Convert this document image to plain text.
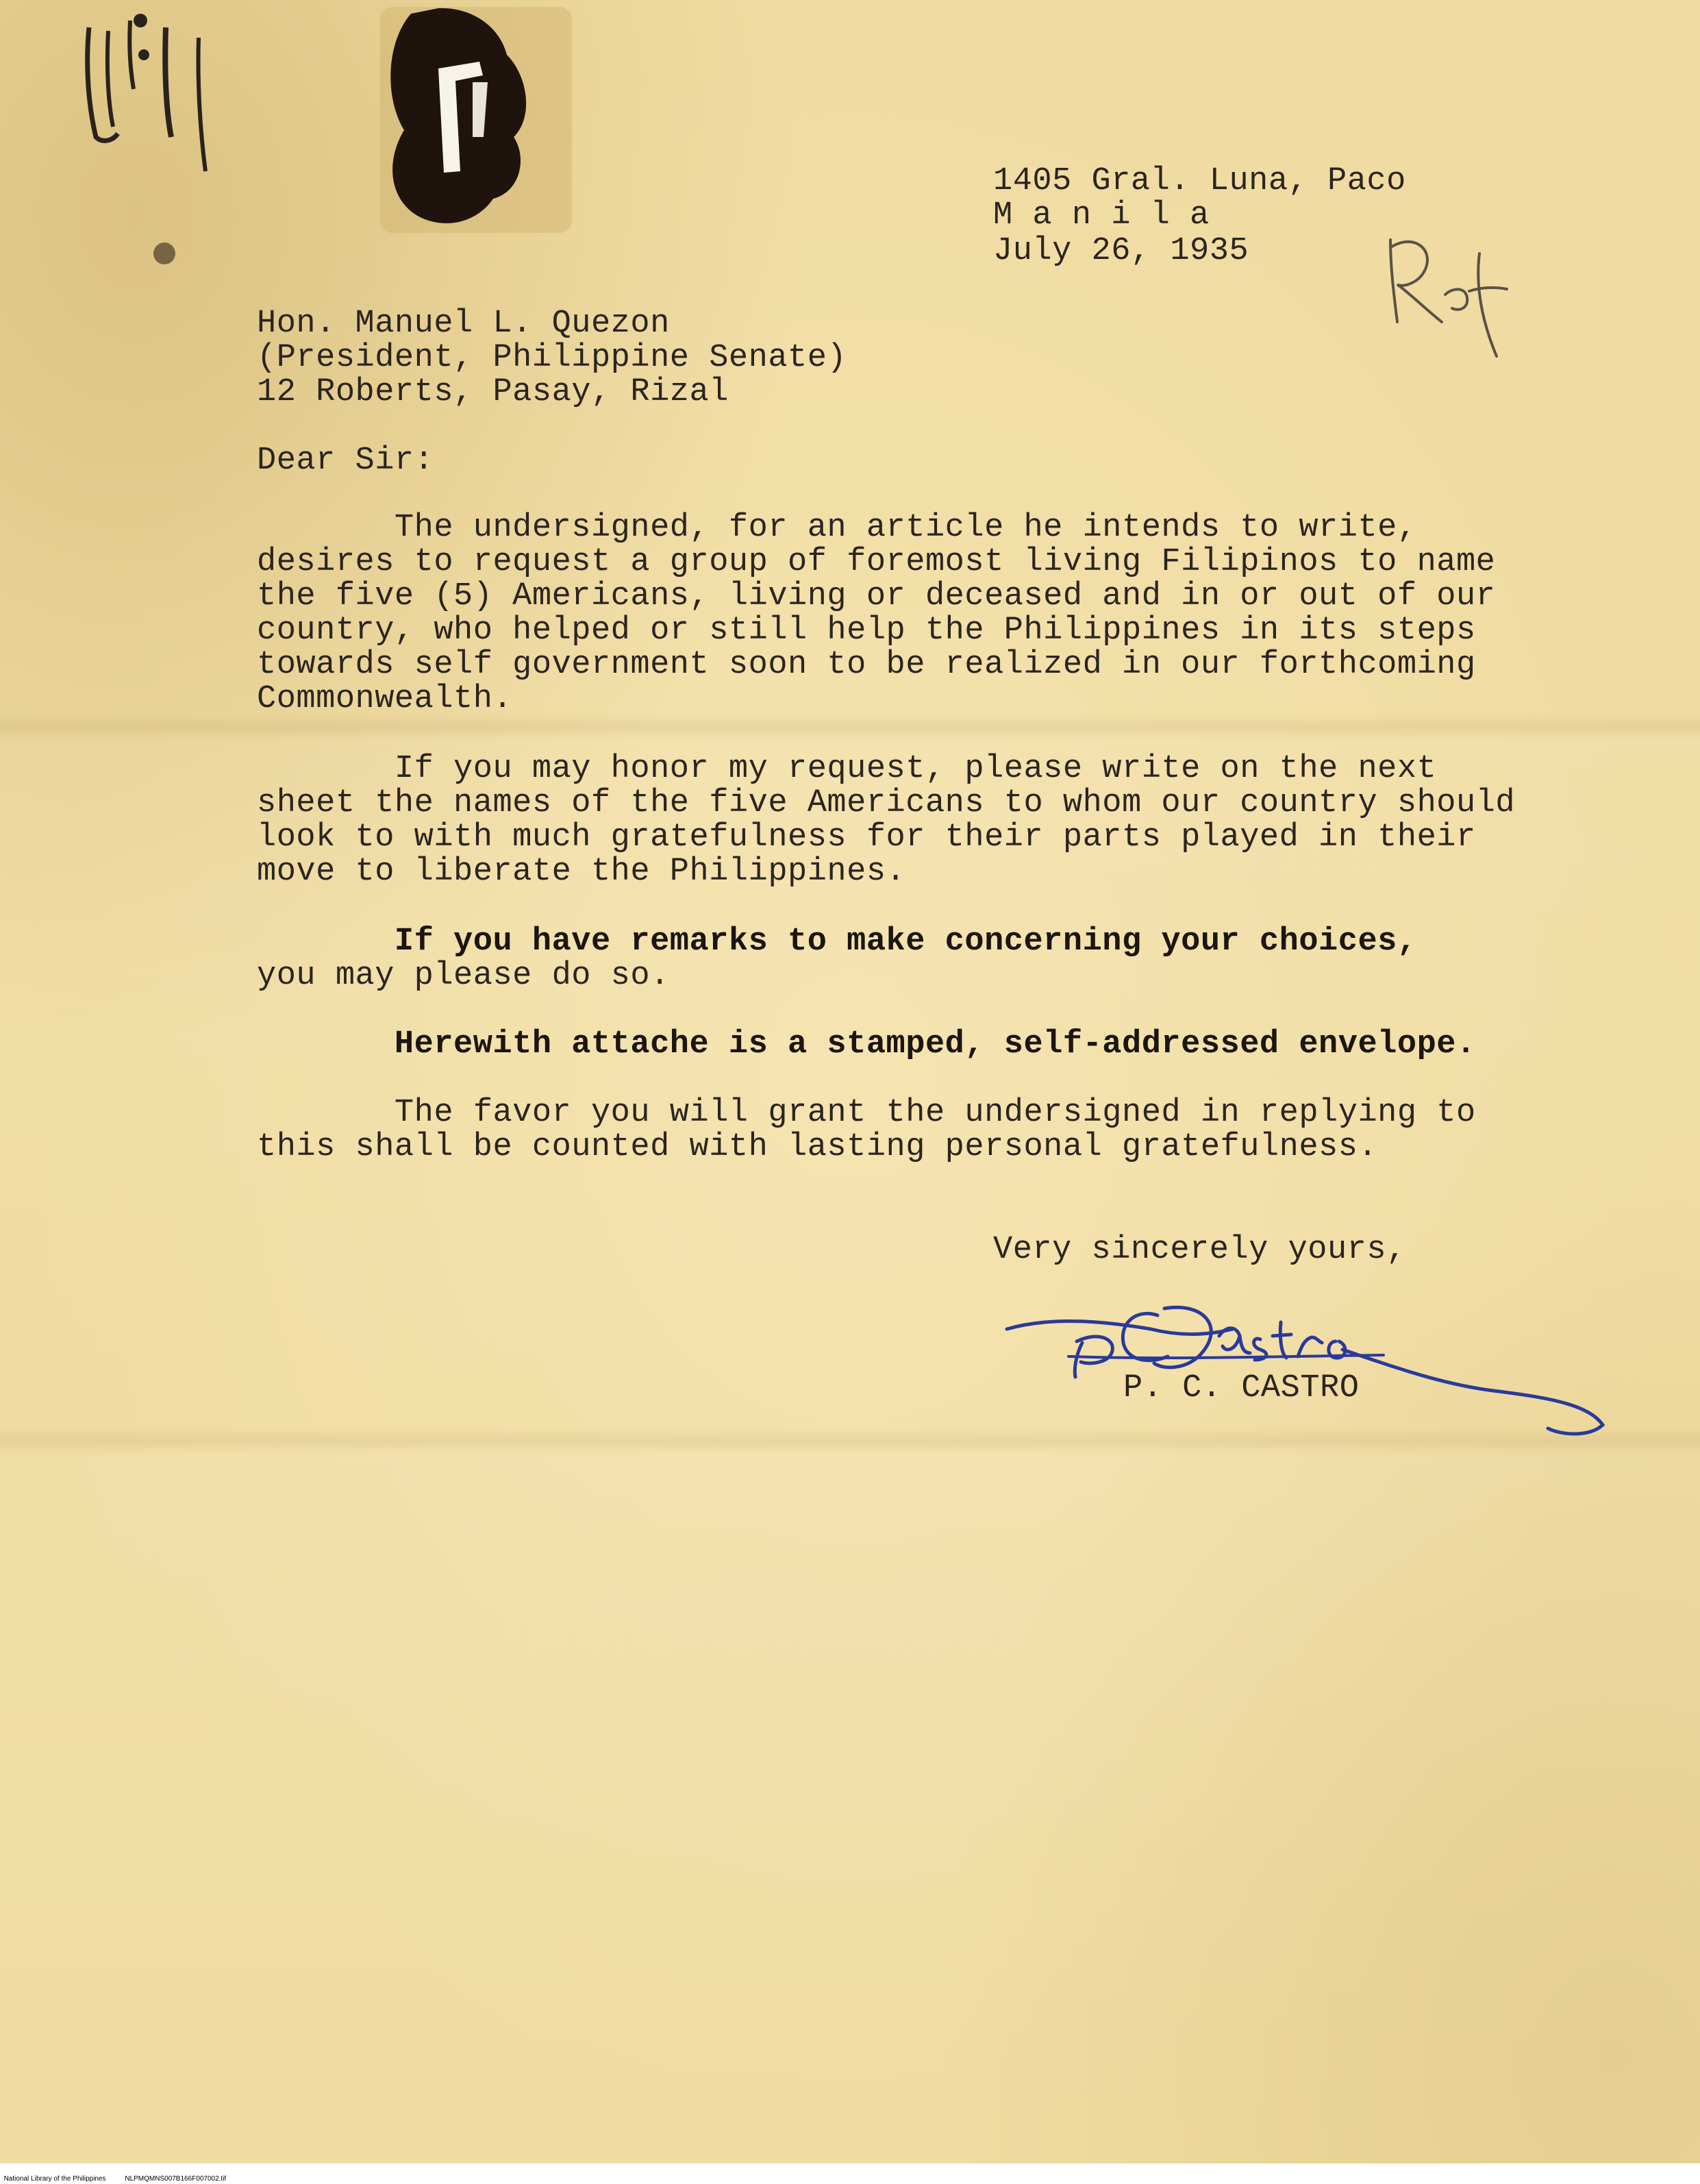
1405 Gral. Luna, Paco
M a n i l a
July 26, 1935
Hon. Manuel L. Quezon
(President, Philippine Senate)
12 Roberts, Pasay, Rizal
Dear Sir:
The undersigned, for an article he intends to write,
desires to request a group of foremost living Filipinos to name
the five (5) Americans, living or deceased and in or out of our
country, who helped or still help the Philippines in its steps
towards self government soon to be realized in our forthcoming
Commonwealth.
If you may honor my request, please write on the next
sheet the names of the five Americans to whom our country should
look to with much gratefulness for their parts played in their
move to liberate the Philippines.
If you have remarks to make concerning your choices,
you may please do so.
Herewith attache is a stamped, self-addressed envelope.
The favor you will grant the undersigned in replying to
this shall be counted with lasting personal gratefulness.
Very sincerely yours,
P. C. CASTRO

National Library of the Philippines	NLPMQMNS007B166F007002.tif
